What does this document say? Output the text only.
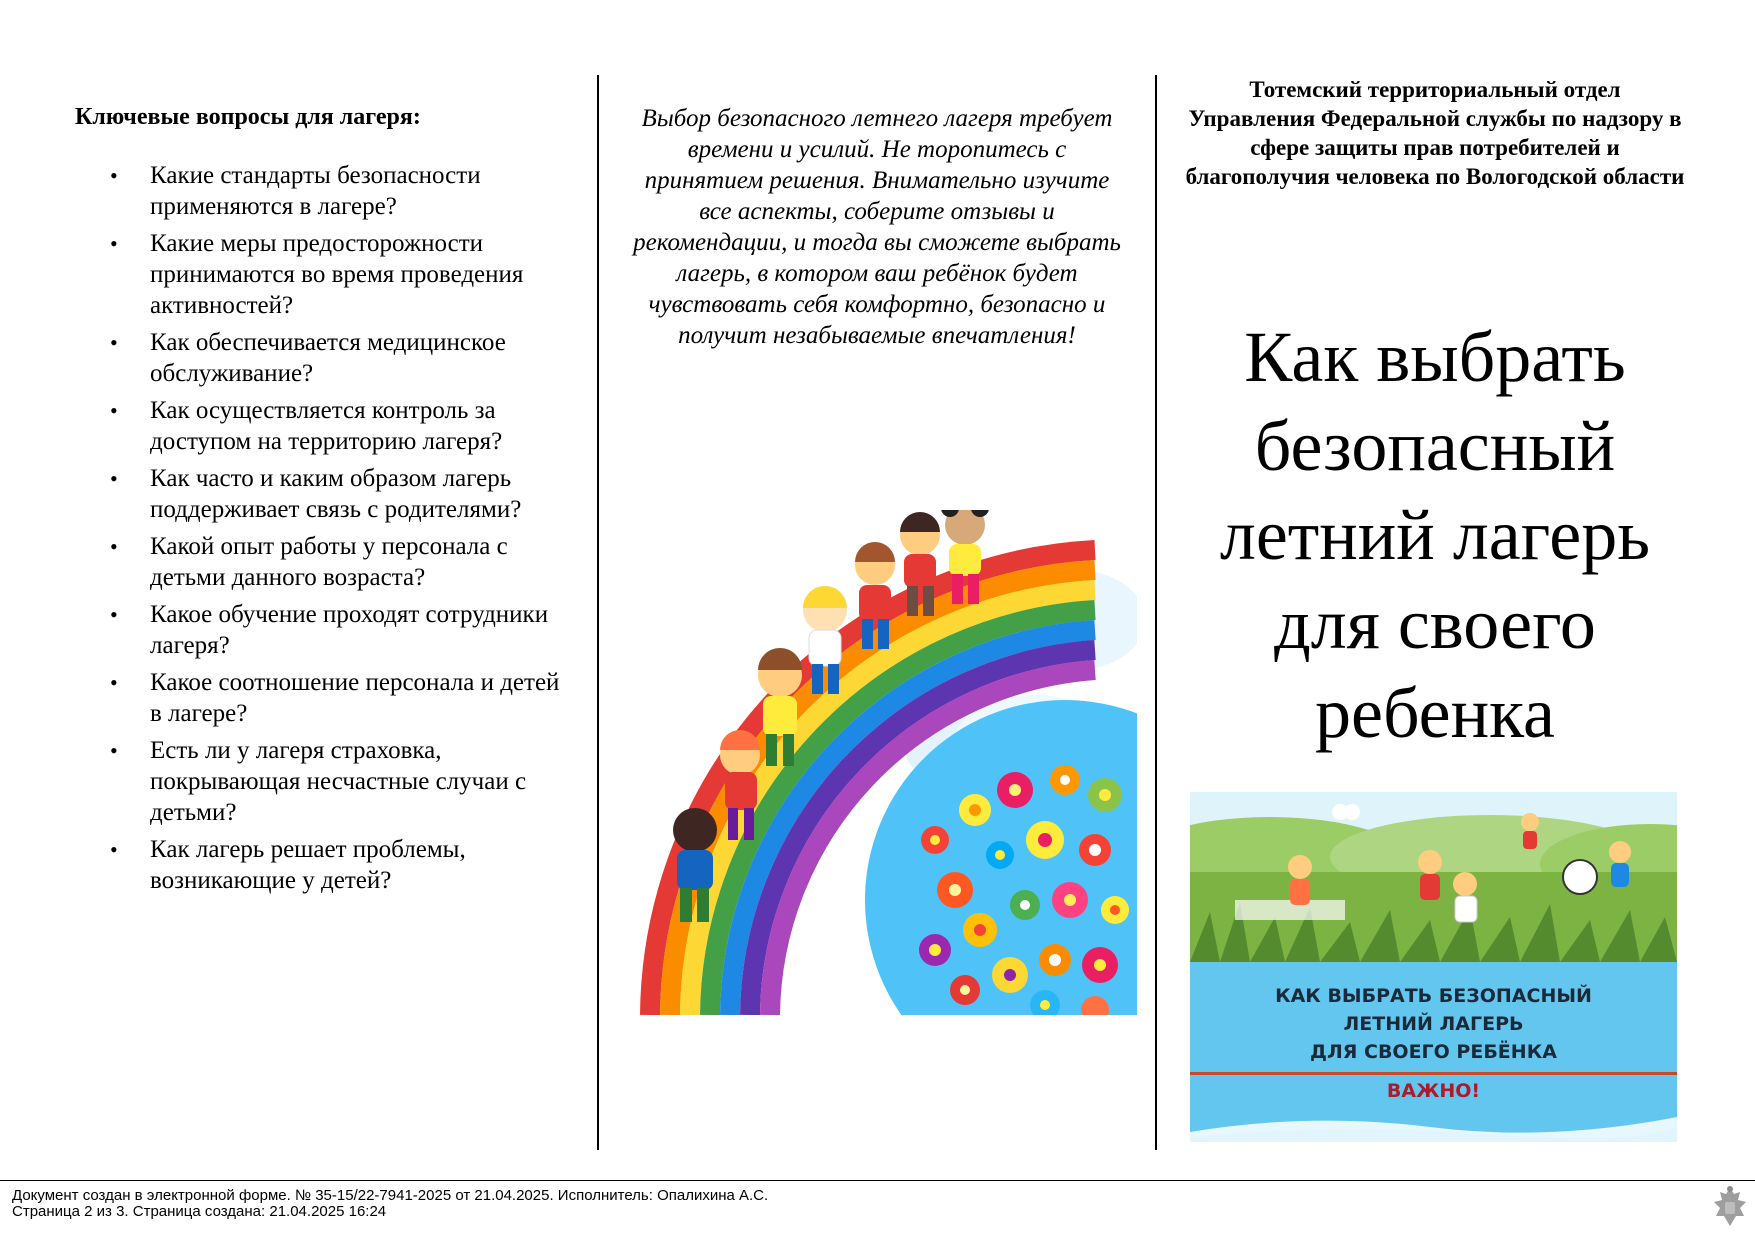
Ключевые вопросы для лагеря:
• Какие стандарты безопасности применяются в лагере?
• Какие меры предосторожности принимаются во время проведения активностей?
• Как обеспечивается медицинское обслуживание?
• Как осуществляется контроль за доступом на территорию лагеря?
• Как часто и каким образом лагерь поддерживает связь с родителями?
• Какой опыт работы у персонала с детьми данного возраста?
• Какое обучение проходят сотрудники лагеря?
• Какое соотношение персонала и детей в лагере?
• Есть ли у лагеря страховка, покрывающая несчастные случаи с детьми?
• Как лагерь решает проблемы, возникающие у детей?
Выбор безопасного летнего лагеря требует времени и усилий. Не торопитесь с принятием решения. Внимательно изучите все аспекты, соберите отзывы и рекомендации, и тогда вы сможете выбрать лагерь, в котором ваш ребёнок будет чувствовать себя комфортно, безопасно и получит незабываемые впечатления!
Тотемский территориальный отдел Управления Федеральной службы по надзору в сфере защиты прав потребителей и благополучия человека по Вологодской области
Как выбрать безопасный летний лагерь для своего ребенка
КАК ВЫБРАТЬ БЕЗОПАСНЫЙ
ЛЕТНИЙ ЛАГЕРЬ
ДЛЯ СВОЕГО РЕБЁНКА
ВАЖНО!
Документ создан в электронной форме. № 35-15/22-7941-2025 от 21.04.2025. Исполнитель: Опалихина А.С.
Страница 2 из 3. Страница создана: 21.04.2025 16:24
